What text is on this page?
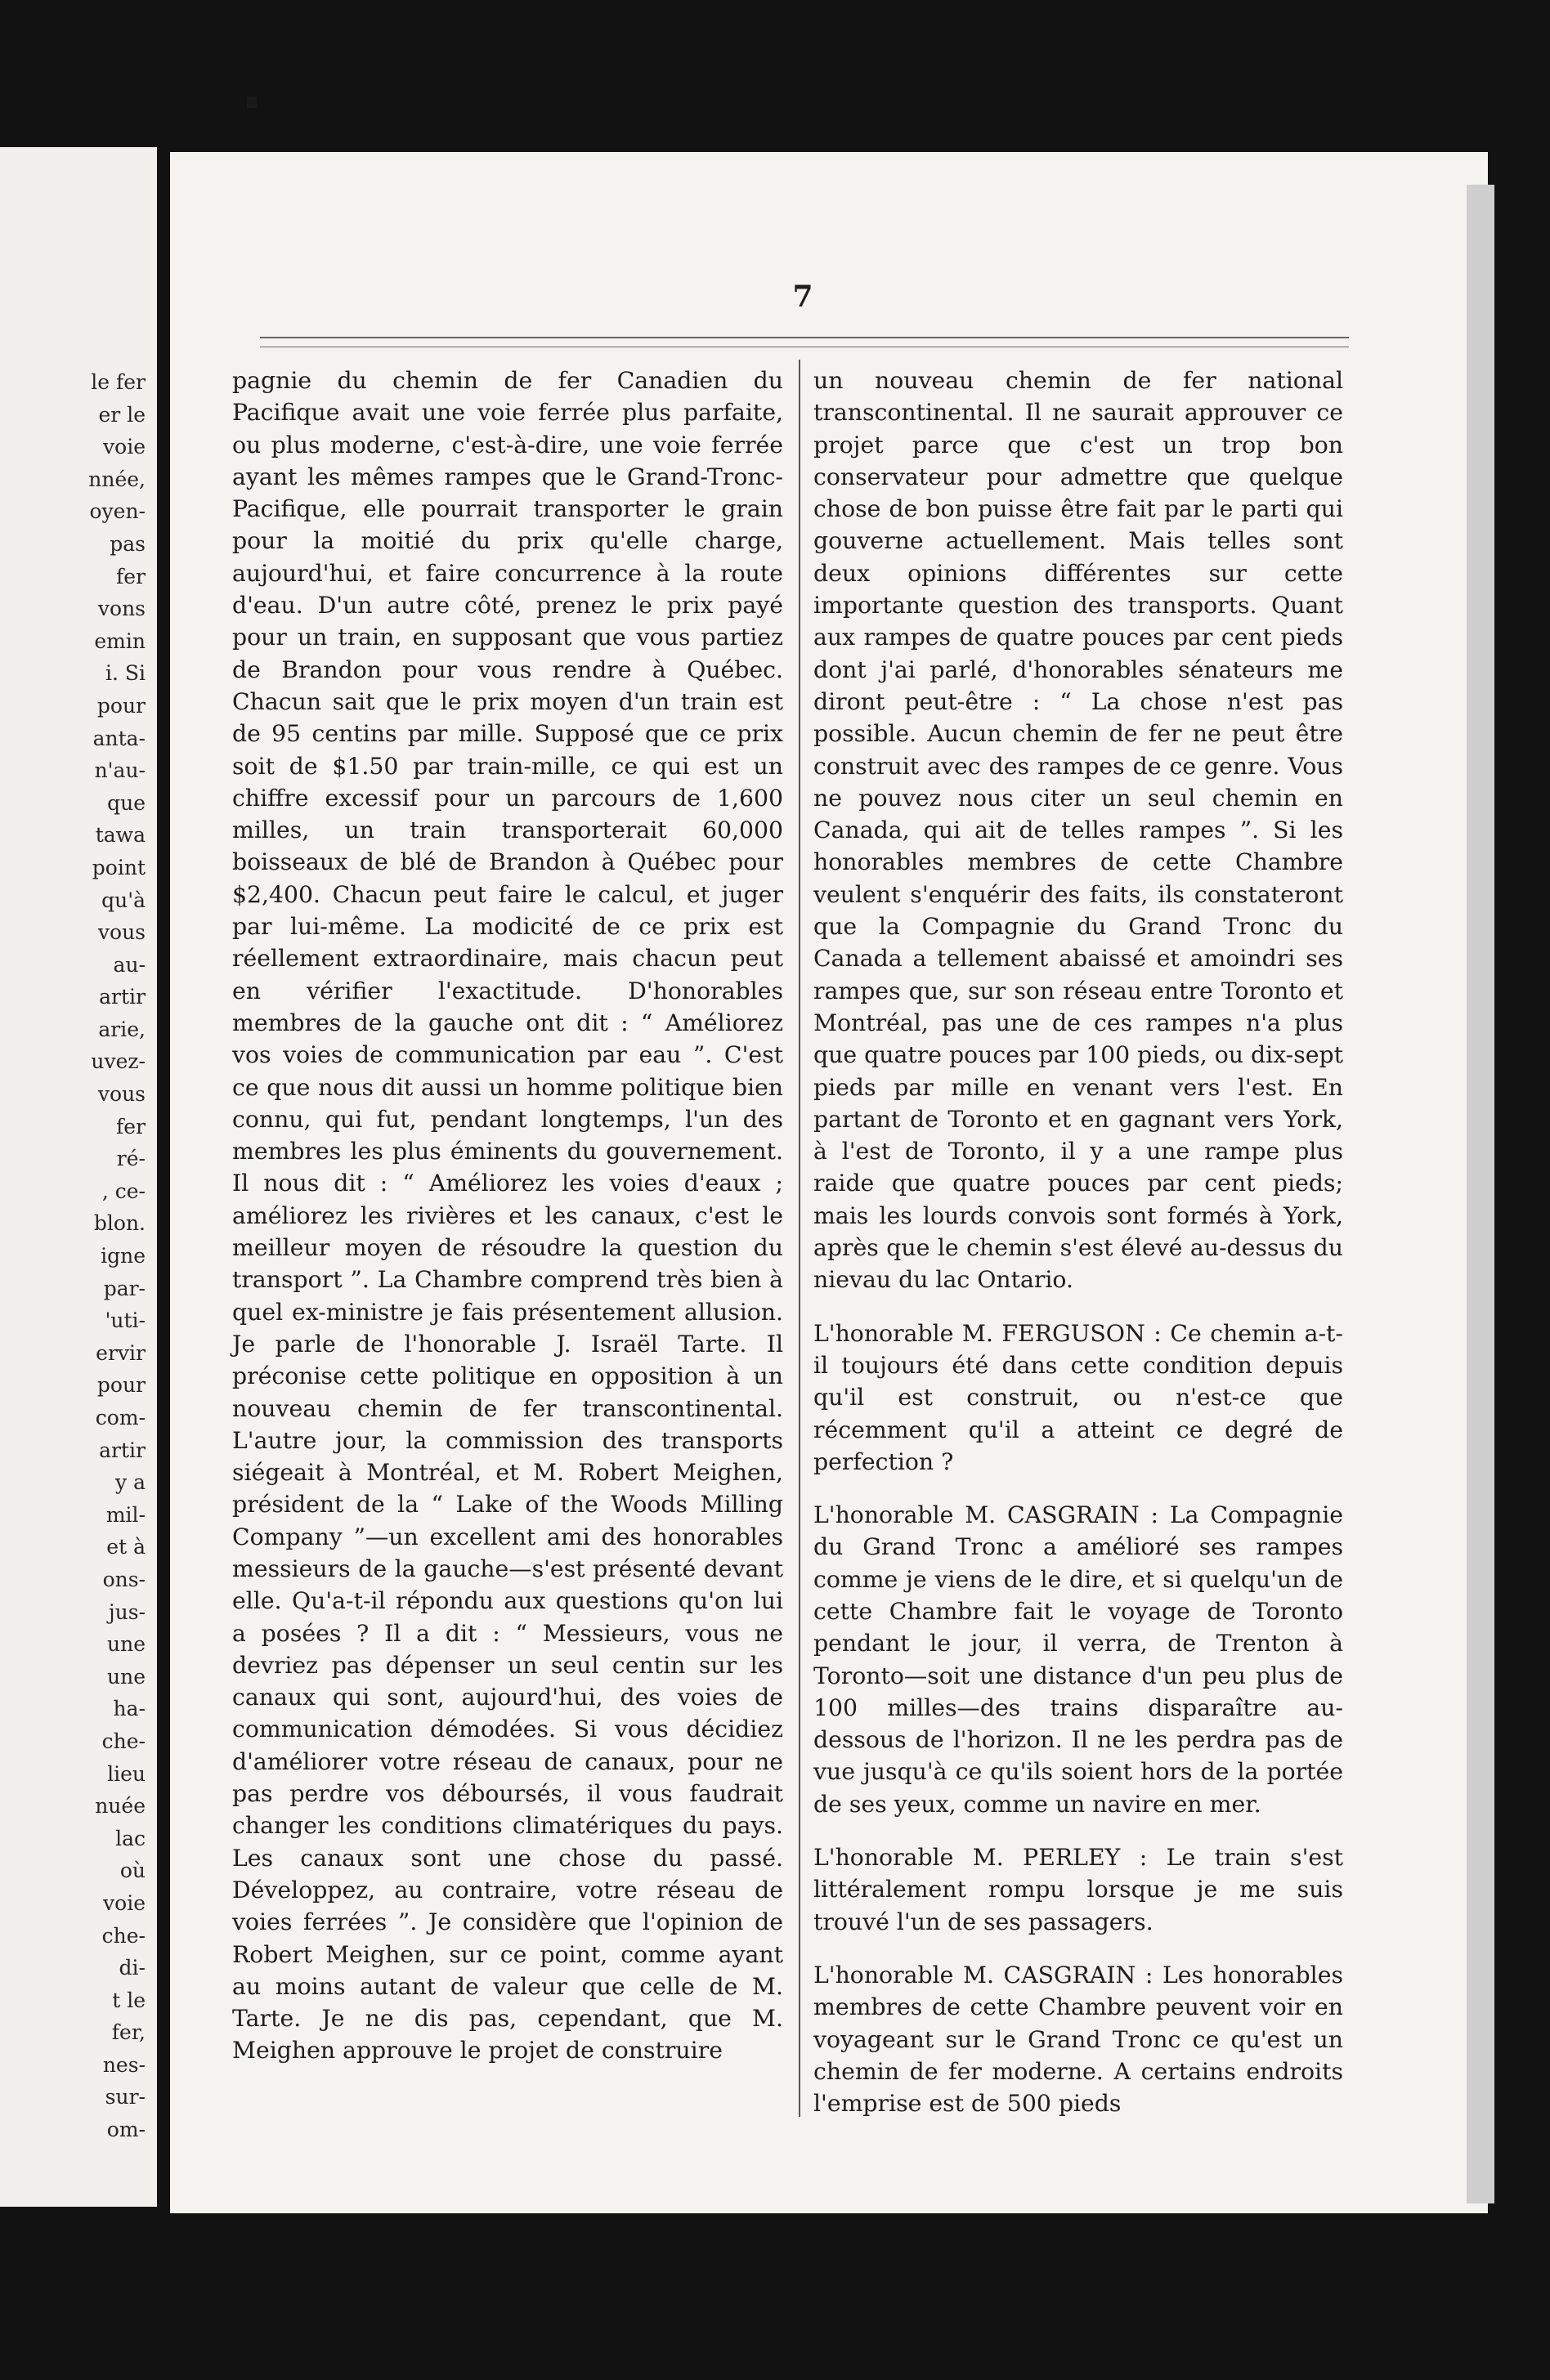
le fer
er le
voie
nnée,
oyen-
pas
fer
vons
emin
i. Si
pour
anta-
n'au-
que
tawa
point
qu'à
vous
au-
artir
arie,
uvez-
vous
fer
ré-
, ce-
blon.
igne
par-
'uti-
ervir
pour
com-
artir
y a
mil-
et à
ons-
jus-
une
une
ha-
che-
lieu
nuée
lac
où
voie
che-
di-
t le
fer,
nes-
sur-
om-
7

pagnie du chemin de fer Canadien du Pacifique avait une voie ferrée plus parfaite, ou plus moderne, c'est-à-dire, une voie ferrée ayant les mêmes rampes que le Grand-Tronc-Pacifique, elle pourrait transporter le grain pour la moitié du prix qu'elle charge, aujourd'hui, et faire concurrence à la route d'eau. D'un autre côté, prenez le prix payé pour un train, en supposant que vous partiez de Brandon pour vous rendre à Québec. Chacun sait que le prix moyen d'un train est de 95 centins par mille. Supposé que ce prix soit de $1.50 par train-mille, ce qui est un chiffre excessif pour un parcours de 1,600 milles, un train transporterait 60,000 boisseaux de blé de Brandon à Québec pour $2,400. Chacun peut faire le calcul, et juger par lui-même. La modicité de ce prix est réellement extraordinaire, mais chacun peut en vérifier l'exactitude. D'honorables membres de la gauche ont dit : “ Améliorez vos voies de communication par eau ”. C'est ce que nous dit aussi un homme politique bien connu, qui fut, pendant longtemps, l'un des membres les plus éminents du gouvernement. Il nous dit : “ Améliorez les voies d'eaux ; améliorez les rivières et les canaux, c'est le meilleur moyen de résoudre la question du transport ”. La Chambre comprend très bien à quel ex-ministre je fais présentement allusion. Je parle de l'honorable J. Israël Tarte. Il préconise cette politique en opposition à un nouveau chemin de fer transcontinental. L'autre jour, la commission des transports siégeait à Montréal, et M. Robert Meighen, président de la “ Lake of the Woods Milling Company ”—un excellent ami des honorables messieurs de la gauche—s'est présenté devant elle. Qu'a-t-il répondu aux questions qu'on lui a posées ? Il a dit : “ Messieurs, vous ne devriez pas dépenser un seul centin sur les canaux qui sont, aujourd'hui, des voies de communication démodées. Si vous décidiez d'améliorer votre réseau de canaux, pour ne pas perdre vos déboursés, il vous faudrait changer les conditions climatériques du pays. Les canaux sont une chose du passé. Développez, au contraire, votre réseau de voies ferrées ”. Je considère que l'opinion de Robert Meighen, sur ce point, comme ayant au moins autant de valeur que celle de M. Tarte. Je ne dis pas, cependant, que M. Meighen approuve le projet de construire

un nouveau chemin de fer national transcontinental. Il ne saurait approuver ce projet parce que c'est un trop bon conservateur pour admettre que quelque chose de bon puisse être fait par le parti qui gouverne actuellement. Mais telles sont deux opinions différentes sur cette importante question des transports. Quant aux rampes de quatre pouces par cent pieds dont j'ai parlé, d'honorables sénateurs me diront peut-être : “ La chose n'est pas possible. Aucun chemin de fer ne peut être construit avec des rampes de ce genre. Vous ne pouvez nous citer un seul chemin en Canada, qui ait de telles rampes ”. Si les honorables membres de cette Chambre veulent s'enquérir des faits, ils constateront que la Compagnie du Grand Tronc du Canada a tellement abaissé et amoindri ses rampes que, sur son réseau entre Toronto et Montréal, pas une de ces rampes n'a plus que quatre pouces par 100 pieds, ou dix-sept pieds par mille en venant vers l'est. En partant de Toronto et en gagnant vers York, à l'est de Toronto, il y a une rampe plus raide que quatre pouces par cent pieds; mais les lourds convois sont formés à York, après que le chemin s'est élevé au-dessus du nievau du lac Ontario.

L'honorable M. FERGUSON : Ce chemin a-t-il toujours été dans cette condition depuis qu'il est construit, ou n'est-ce que récemment qu'il a atteint ce degré de perfection ?

L'honorable M. CASGRAIN : La Compagnie du Grand Tronc a amélioré ses rampes comme je viens de le dire, et si quelqu'un de cette Chambre fait le voyage de Toronto pendant le jour, il verra, de Trenton à Toronto—soit une distance d'un peu plus de 100 milles—des trains disparaître au-dessous de l'horizon. Il ne les perdra pas de vue jusqu'à ce qu'ils soient hors de la portée de ses yeux, comme un navire en mer.

L'honorable M. PERLEY : Le train s'est littéralement rompu lorsque je me suis trouvé l'un de ses passagers.

L'honorable M. CASGRAIN : Les honorables membres de cette Chambre peuvent voir en voyageant sur le Grand Tronc ce qu'est un chemin de fer moderne. A certains endroits l'emprise est de 500 pieds
